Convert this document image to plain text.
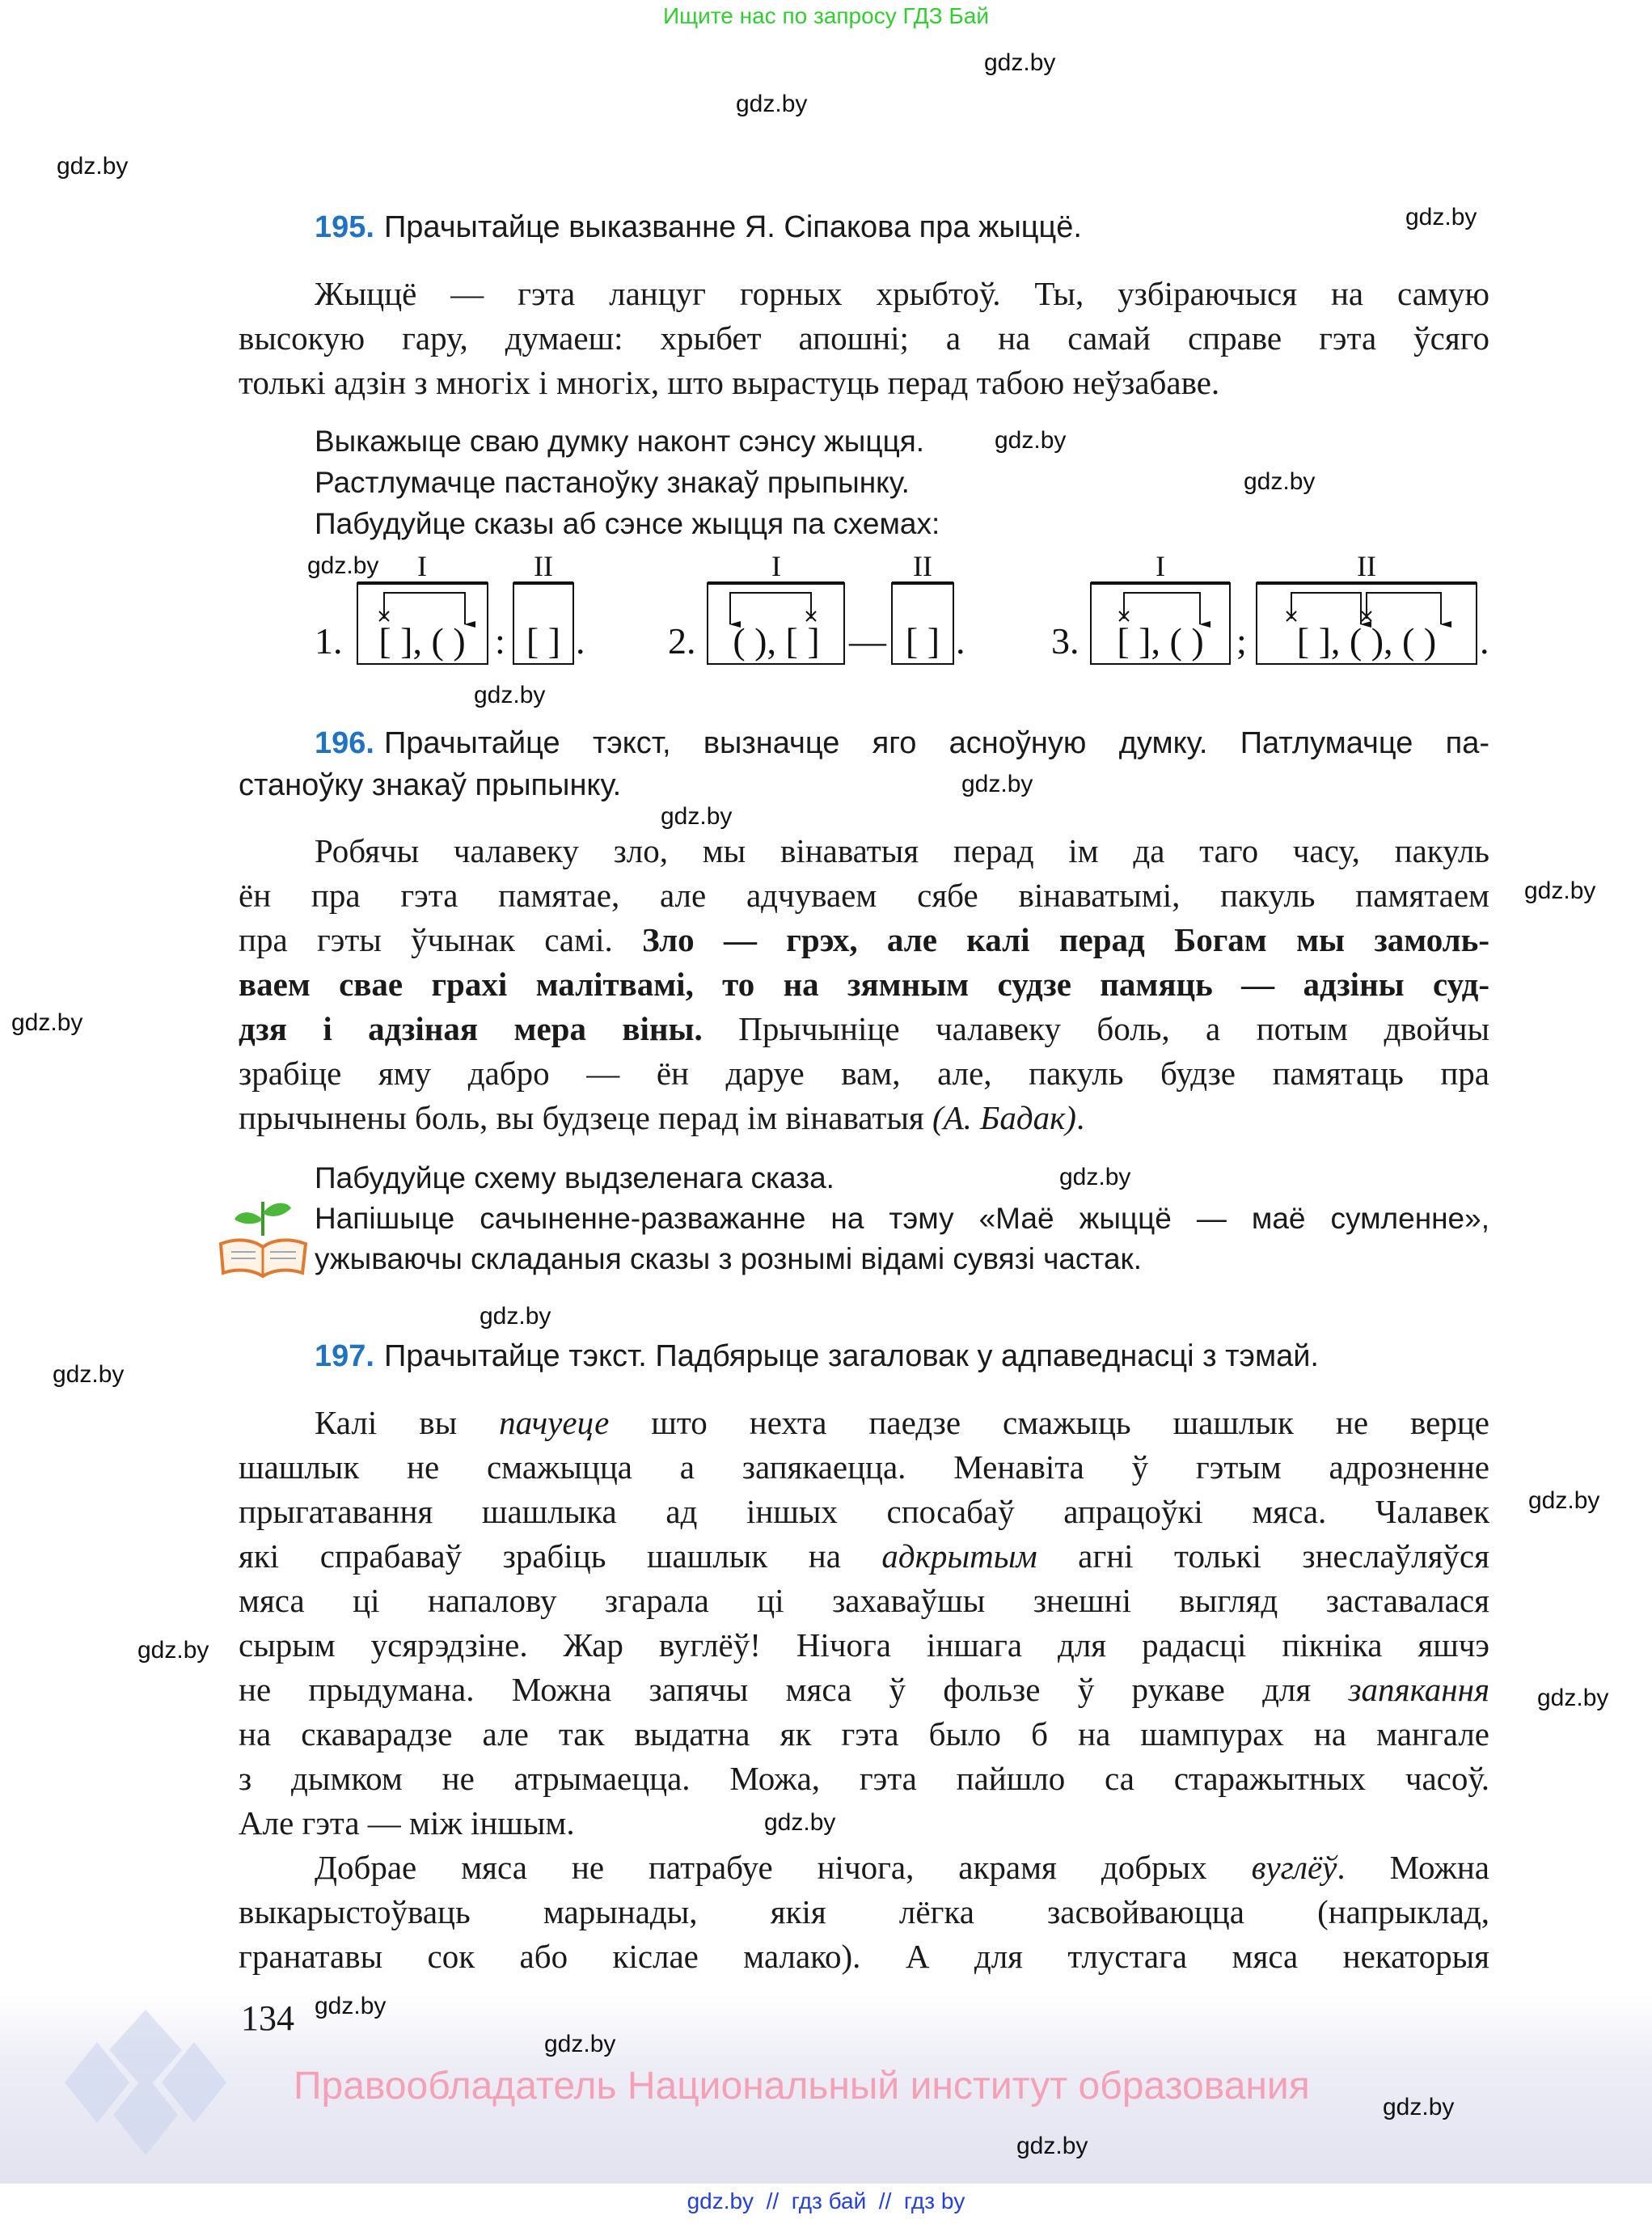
Ищите нас по запросу ГДЗ Бай
gdz.by
gdz.by
gdz.by
gdz.by
gdz.by
gdz.by
gdz.by
gdz.by
gdz.by
gdz.by
gdz.by
gdz.by
gdz.by
gdz.by
gdz.by
gdz.by
gdz.by
gdz.by
gdz.by
gdz.by
gdz.by
gdz.by
gdz.by
195. Прачытайце выказванне Я. Сіпакова пра жыццё.
Жыццё — гэта ланцуг горных хрыбтоў. Ты, узбіраючыся на самую
высокую гару, думаеш: хрыбет апошні; а на самай справе гэта ўсяго
толькі адзін з многіх і многіх, што вырастуць перад табою неўзабаве.
Выкажыце сваю думку наконт сэнсу жыцця.
Растлумачце пастаноўку знакаў прыпынку.
Пабудуйце сказы аб сэнсе жыцця па схемах:
I	II	I	II	I	II
1. [ ], ( ) : [ ] . 2. ( ), [ ] — [ ] . 3. [ ], ( ) ; [ ], ( ), ( ) .
196. Прачытайце тэкст, вызначце яго асноўную думку. Патлумачце па-
станоўку знакаў прыпынку.
Робячы чалавеку зло, мы вінаватыя перад ім да таго часу, пакуль
ён пра гэта памятае, але адчуваем сябе вінаватымі, пакуль памятаем
пра гэты ўчынак самі. Зло — грэх, але калі перад Богам мы замоль-
ваем свае грахі малітвамі, то на зямным судзе памяць — адзіны суд-
дзя і адзіная мера віны. Прычыніце чалавеку боль, а потым двойчы
зрабіце яму дабро — ён даруе вам, але, пакуль будзе памятаць пра
прычынены боль, вы будзеце перад ім вінаватыя (А. Бадак).
Пабудуйце схему выдзеленага сказа.
Напішыце сачыненне-разважанне на тэму «Маё жыццё — маё сумленне»,
ужываючы складаныя сказы з рознымі відамі сувязі частак.
197. Прачытайце тэкст. Падбярыце загаловак у адпаведнасці з тэмай.
Калі вы пачуеце што нехта паедзе смажыць шашлык не верце
шашлык не смажыцца а запякаецца. Менавіта ў гэтым адрозненне
прыгатавання шашлыка ад іншых спосабаў апрацоўкі мяса. Чалавек
які спрабаваў зрабіць шашлык на адкрытым агні толькі знеслаўляўся
мяса ці напалову згарала ці захаваўшы знешні выгляд заставалася
сырым усярэдзіне. Жар вуглёў! Нічога іншага для радасці пікніка яшчэ
не прыдумана. Можна запячы мяса ў фользе ў рукаве для запякання
на скаварадзе але так выдатна як гэта было б на шампурах на мангале
з дымком не атрымаецца. Можа, гэта пайшло са старажытных часоў.
Але гэта — між іншым.
Добрае мяса не патрабуе нічога, акрамя добрых вуглёў. Можна
выкарыстоўваць марынады, якія лёгка засвойваюцца (напрыклад,
гранатавы сок або кіслае малако). А для тлустага мяса некаторыя
134
Правообладатель Национальный институт образования
gdz.by  //  гдз бай  //  гдз by
